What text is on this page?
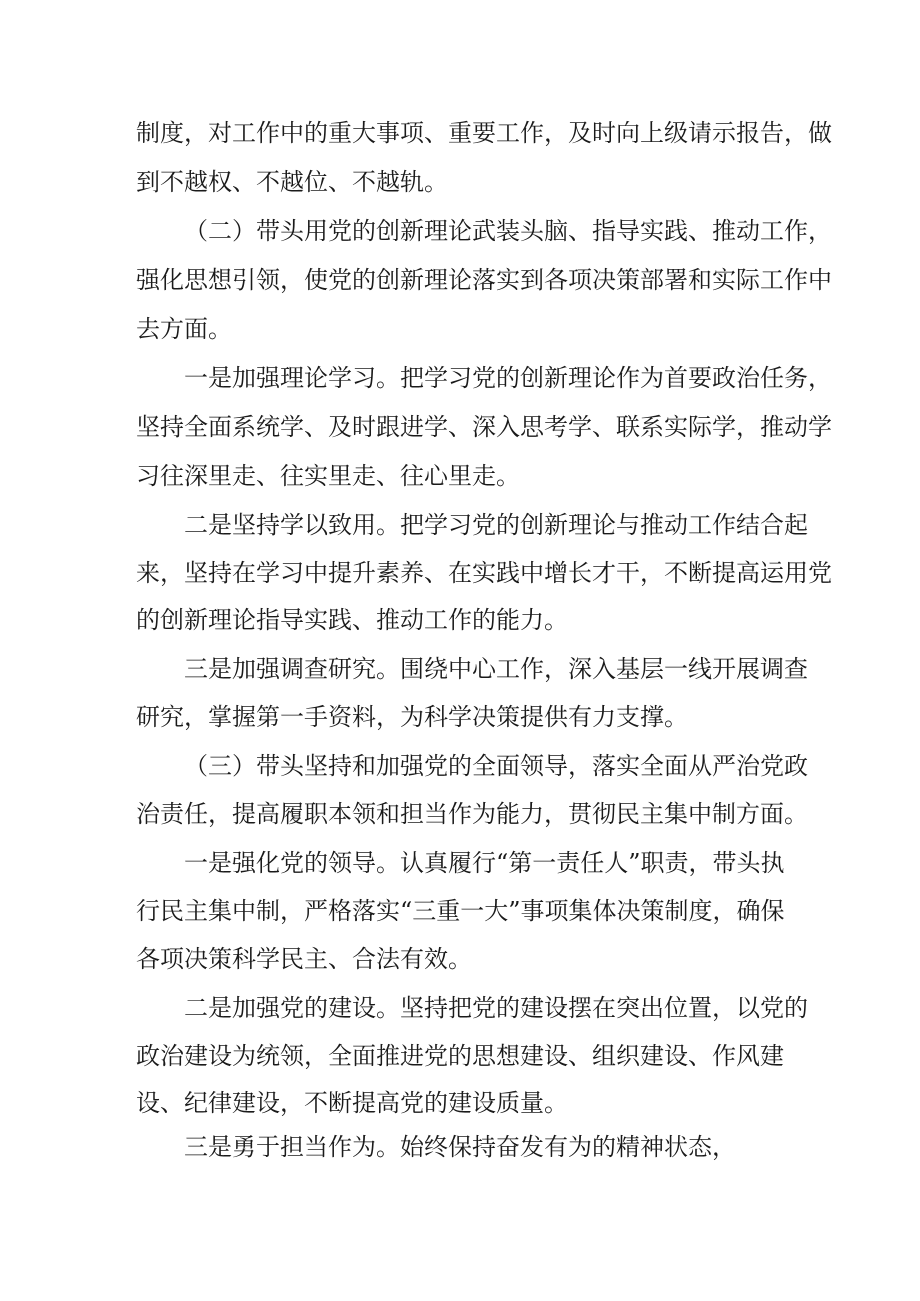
制度，对工作中的重大事项、重要工作，及时向上级请示报告，做

到不越权、不越位、不越轨。

（二）带头用党的创新理论武装头脑、指导实践、推动工作，

强化思想引领，使党的创新理论落实到各项决策部署和实际工作中

去方面。

一是加强理论学习。把学习党的创新理论作为首要政治任务，

坚持全面系统学、及时跟进学、深入思考学、联系实际学，推动学

习往深里走、往实里走、往心里走。

二是坚持学以致用。把学习党的创新理论与推动工作结合起

来，坚持在学习中提升素养、在实践中增长才干，不断提高运用党

的创新理论指导实践、推动工作的能力。

三是加强调查研究。围绕中心工作，深入基层一线开展调查

研究，掌握第一手资料，为科学决策提供有力支撑。

（三）带头坚持和加强党的全面领导，落实全面从严治党政

治责任，提高履职本领和担当作为能力，贯彻民主集中制方面。

一是强化党的领导。认真履行“第一责任人”职责，带头执

行民主集中制，严格落实“三重一大”事项集体决策制度，确保

各项决策科学民主、合法有效。

二是加强党的建设。坚持把党的建设摆在突出位置，以党的

政治建设为统领，全面推进党的思想建设、组织建设、作风建

设、纪律建设，不断提高党的建设质量。

三是勇于担当作为。始终保持奋发有为的精神状态，
